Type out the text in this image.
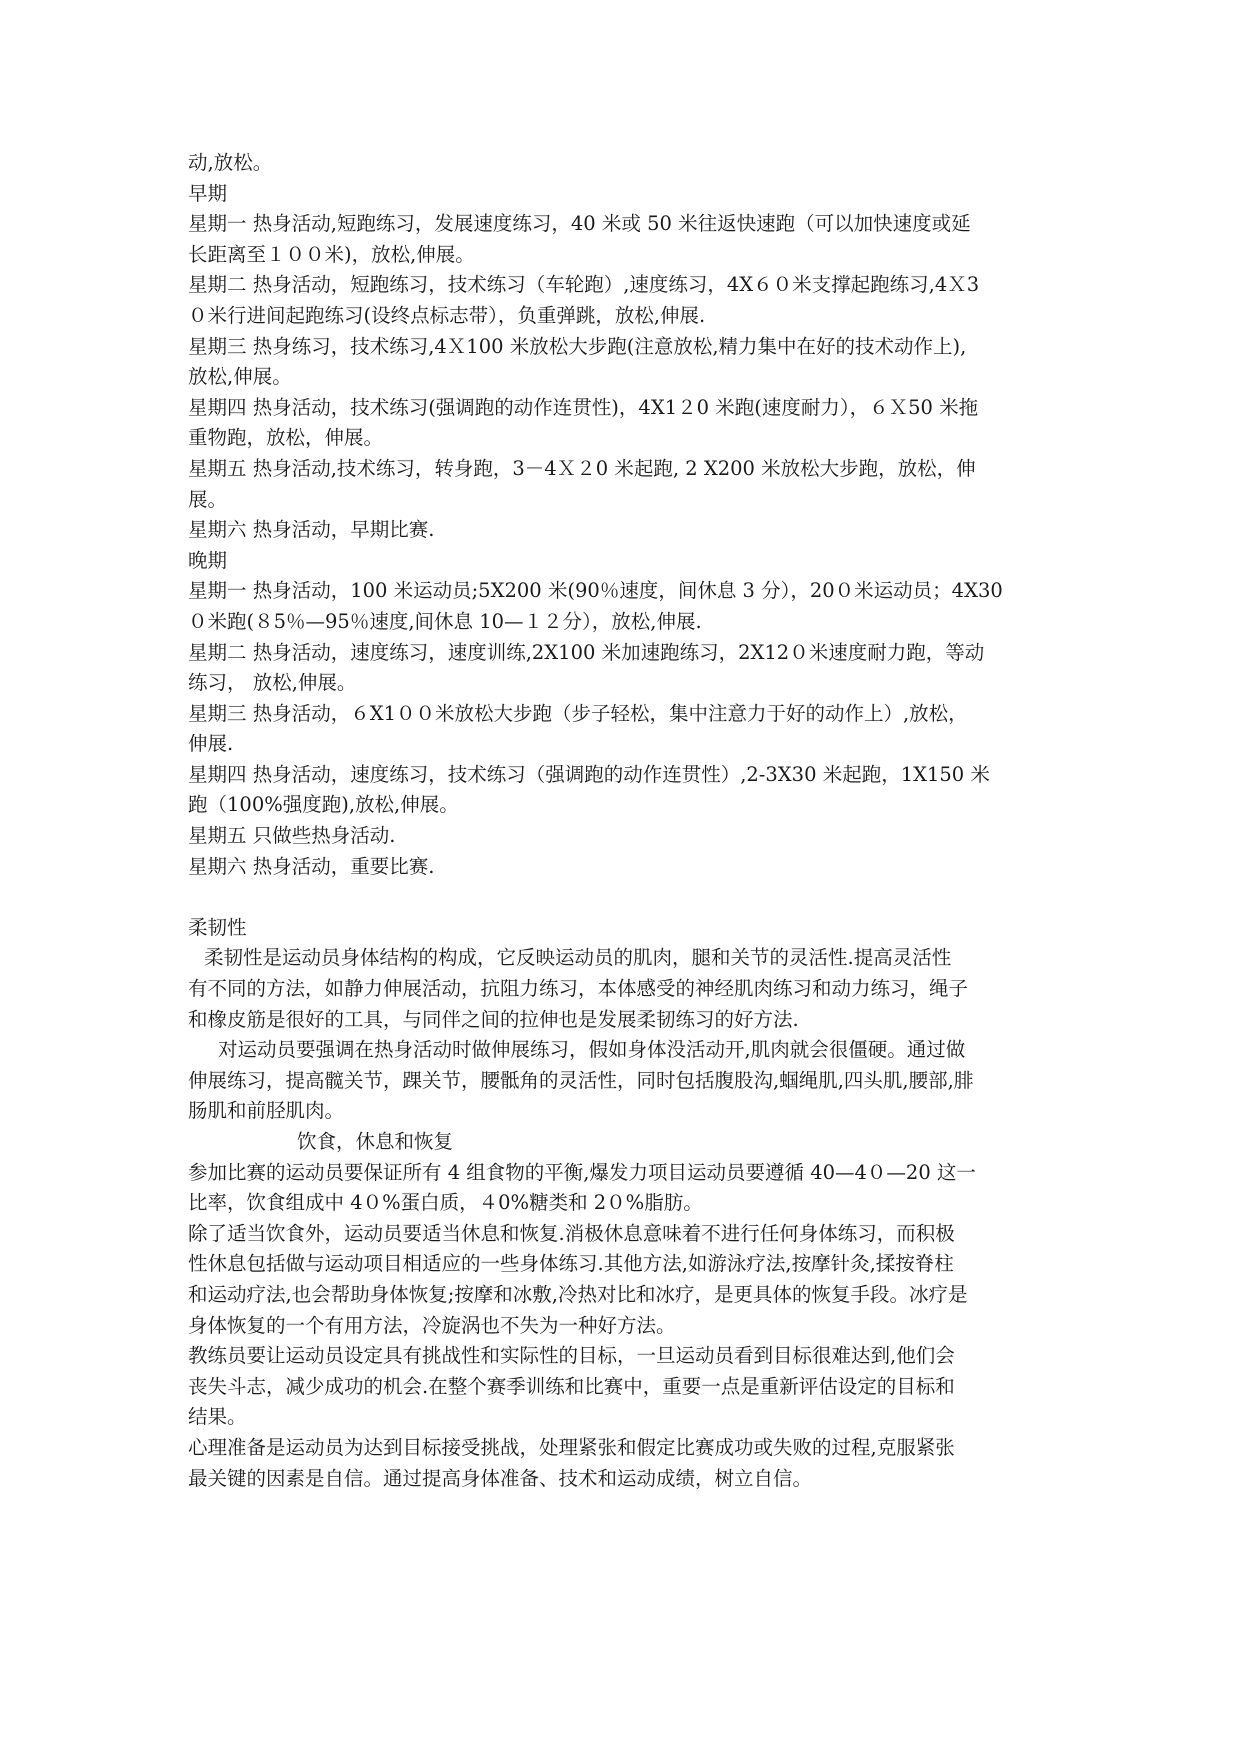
动,放松。
早期
星期一 热身活动,短跑练习，发展速度练习，40 米或 50 米往返快速跑（可以加快速度或延
长距离至１００米)，放松,伸展。
星期二 热身活动，短跑练习，技术练习（车轮跑）,速度练习，4X６０米支撑起跑练习,4Ｘ3
０米行进间起跑练习(设终点标志带），负重弹跳，放松,伸展.
星期三 热身练习，技术练习,4Ｘ100 米放松大步跑(注意放松,精力集中在好的技术动作上),
放松,伸展。
星期四 热身活动，技术练习(强调跑的动作连贯性)，4X1２0 米跑(速度耐力），６Ｘ50 米拖
重物跑，放松，伸展。
星期五 热身活动,技术练习，转身跑，3－4Ｘ２0 米起跑, 2 X200 米放松大步跑，放松，伸
展。
星期六 热身活动，早期比赛.
晚期
星期一 热身活动，100 米运动员;5X200 米(90％速度，间休息 3 分），20０米运动员；4X30
０米跑(８5％—95％速度,间休息 10—１２分），放松,伸展.
星期二 热身活动，速度练习，速度训练,2X100 米加速跑练习，2X12０米速度耐力跑，等动
练习， 放松,伸展。
星期三 热身活动，６X1００米放松大步跑（步子轻松，集中注意力于好的动作上）,放松，
伸展.
星期四 热身活动，速度练习，技术练习（强调跑的动作连贯性）,2-3X30 米起跑，1X150 米
跑（100%强度跑),放松,伸展。
星期五 只做些热身活动.
星期六 热身活动，重要比赛.
柔韧性
柔韧性是运动员身体结构的构成，它反映运动员的肌肉，腿和关节的灵活性.提高灵活性
有不同的方法，如静力伸展活动，抗阻力练习，本体感受的神经肌肉练习和动力练习，绳子
和橡皮筋是很好的工具，与同伴之间的拉伸也是发展柔韧练习的好方法.
对运动员要强调在热身活动时做伸展练习，假如身体没活动开,肌肉就会很僵硬。通过做
伸展练习，提高髋关节，踝关节，腰骶角的灵活性，同时包括腹股沟,蝈绳肌,四头肌,腰部,腓
肠肌和前胫肌肉。
饮食，休息和恢复
参加比赛的运动员要保证所有 4 组食物的平衡,爆发力项目运动员要遵循 40—4０—20 这一
比率，饮食组成中 4０%蛋白质，４0%糖类和 2０%脂肪。
除了适当饮食外，运动员要适当休息和恢复.消极休息意味着不进行任何身体练习，而积极
性休息包括做与运动项目相适应的一些身体练习.其他方法,如游泳疗法,按摩针灸,揉按脊柱
和运动疗法,也会帮助身体恢复;按摩和冰敷,冷热对比和冰疗，是更具体的恢复手段。冰疗是
身体恢复的一个有用方法，冷旋涡也不失为一种好方法。
教练员要让运动员设定具有挑战性和实际性的目标，一旦运动员看到目标很难达到,他们会
丧失斗志，减少成功的机会.在整个赛季训练和比赛中，重要一点是重新评估设定的目标和
结果。
心理准备是运动员为达到目标接受挑战，处理紧张和假定比赛成功或失败的过程,克服紧张
最关键的因素是自信。通过提高身体准备、技术和运动成绩，树立自信。
